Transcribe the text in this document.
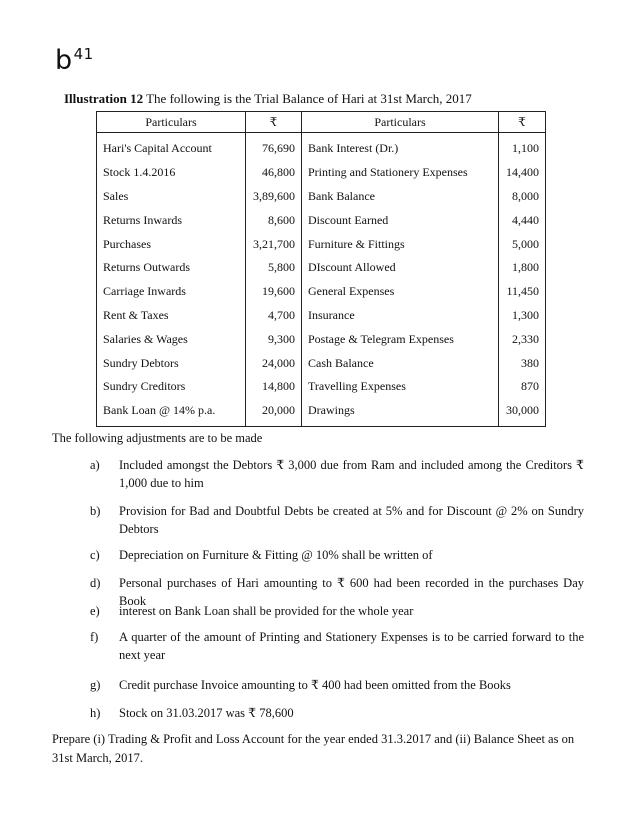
$b^{41}$
Illustration 12 The following is the Trial Balance of Hari at 31st March, 2017
Particulars	₹	Particulars	₹
Hari's Capital Account	76,690	Bank Interest (Dr.)	1,100
Stock 1.4.2016	46,800	Printing and Stationery Expenses	14,400
Sales	3,89,600	Bank Balance	8,000
Returns Inwards	8,600	Discount Earned	4,440
Purchases	3,21,700	Furniture & Fittings	5,000
Returns Outwards	5,800	DIscount Allowed	1,800
Carriage Inwards	19,600	General Expenses	11,450
Rent & Taxes	4,700	Insurance	1,300
Salaries & Wages	9,300	Postage & Telegram Expenses	2,330
Sundry Debtors	24,000	Cash Balance	380
Sundry Creditors	14,800	Travelling Expenses	870
Bank Loan @ 14% p.a.	20,000	Drawings	30,000
The following adjustments are to be made
a)	Included amongst the Debtors ₹ 3,000 due from Ram and included among the Creditors ₹ 1,000 due to him
b)	Provision for Bad and Doubtful Debts be created at 5% and for Discount @ 2% on Sundry Debtors
c)	Depreciation on Furniture & Fitting @ 10% shall be written of
d)	Personal purchases of Hari amounting to ₹ 600 had been recorded in the purchases Day Book
e)	interest on Bank Loan shall be provided for the whole year
f)	A quarter of the amount of Printing and Stationery Expenses is to be carried forward to the next year
g)	Credit purchase Invoice amounting to ₹ 400 had been omitted from the Books
h)	Stock on 31.03.2017 was ₹ 78,600
Prepare (i) Trading & Profit and Loss Account for the year ended 31.3.2017 and (ii) Balance Sheet as on 31st March, 2017.
